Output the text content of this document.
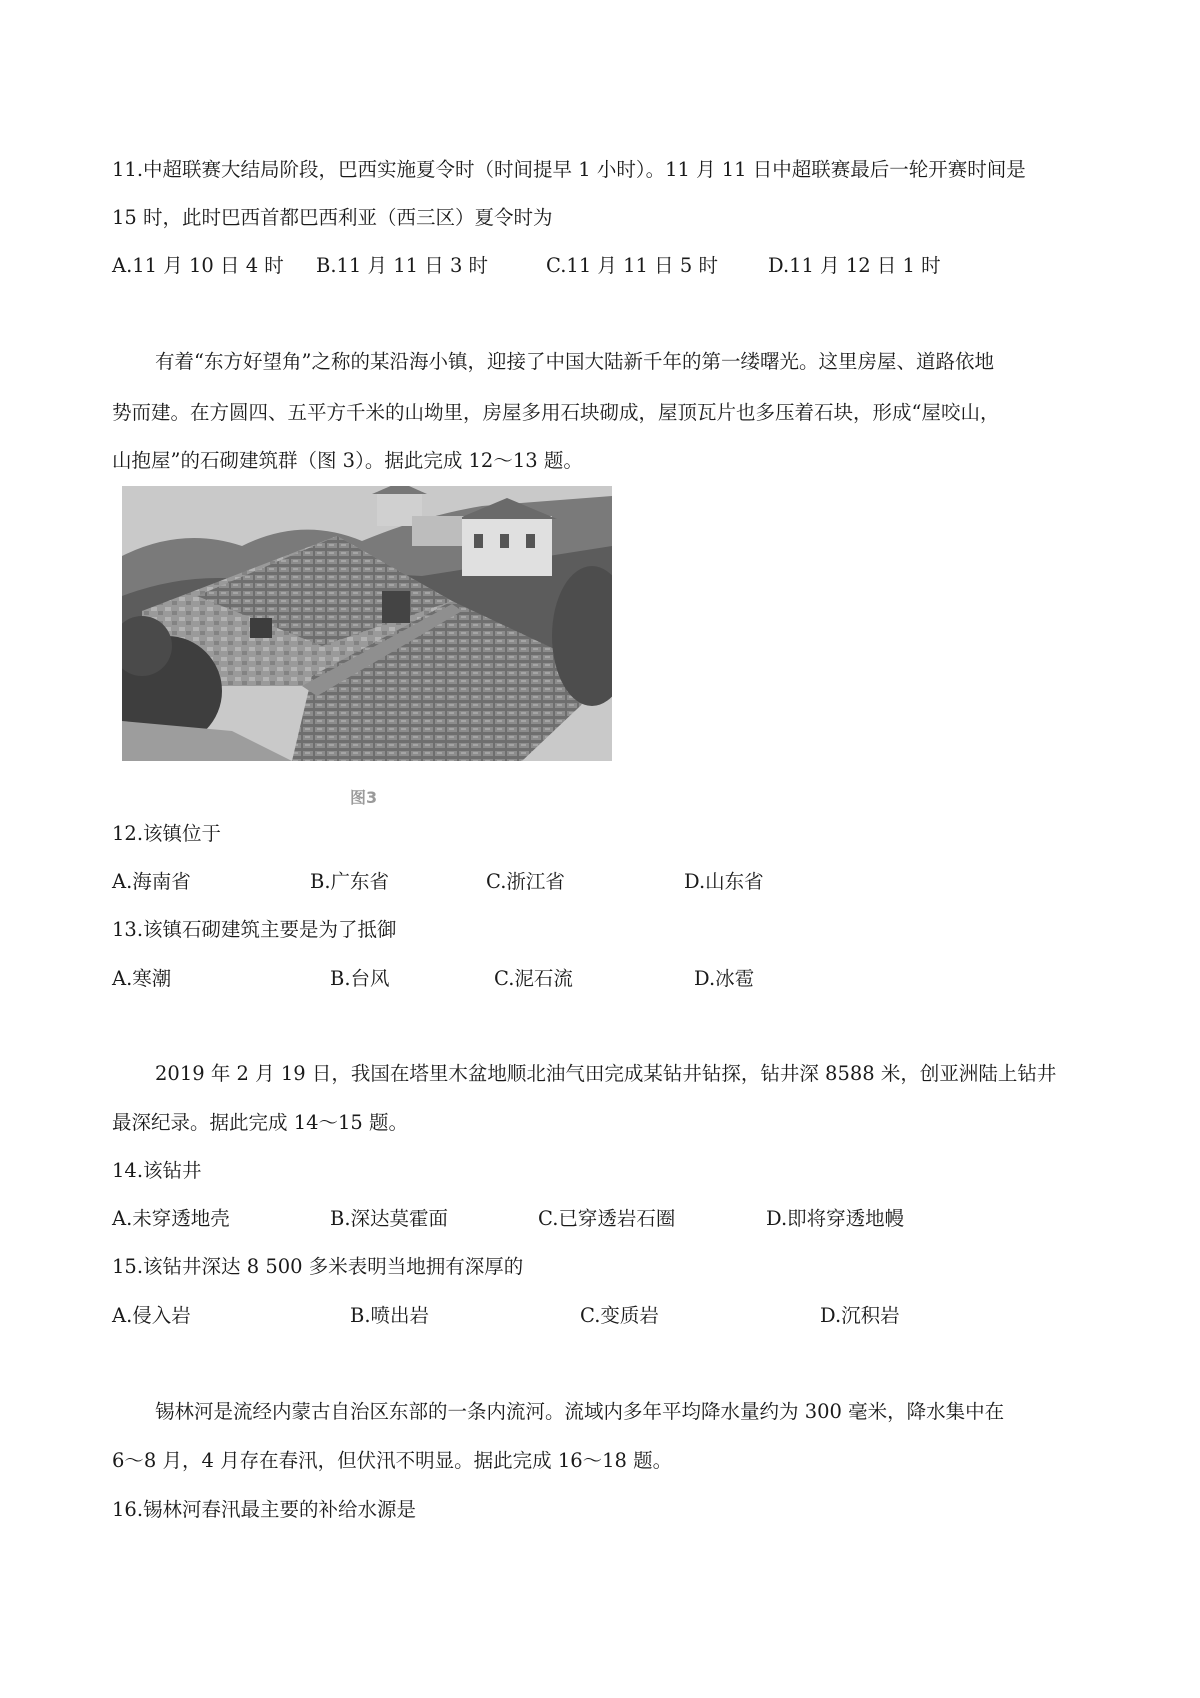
11.中超联赛大结局阶段，巴西实施夏令时（时间提早 1 小时）。11 月 11 日中超联赛最后一轮开赛时间是
15 时，此时巴西首都巴西利亚（西三区）夏令时为
A.11 月 10 日 4 时 B.11 月 11 日 3 时	C.11 月 11 日 5 时	D.11 月 12 日 1 时
有着“东方好望角”之称的某沿海小镇，迎接了中国大陆新千年的第一缕曙光。这里房屋、道路依地
势而建。在方圆四、五平方千米的山坳里，房屋多用石块砌成，屋顶瓦片也多压着石块，形成“屋咬山，
山抱屋”的石砌建筑群（图 3）。据此完成 12～13 题。
图3
12.该镇位于
A.海南省	B.广东省	C.浙江省	D.山东省
13.该镇石砌建筑主要是为了抵御
A.寒潮	B.台风	C.泥石流	D.冰雹
2019 年 2 月 19 日，我国在塔里木盆地顺北油气田完成某钻井钻探，钻井深 8588 米，创亚洲陆上钻井
最深纪录。据此完成 14～15 题。
14.该钻井
A.未穿透地壳	B.深达莫霍面	C.已穿透岩石圈	D.即将穿透地幔
15.该钻井深达 8 500 多米表明当地拥有深厚的
A.侵入岩	B.喷出岩	C.变质岩	D.沉积岩
锡林河是流经内蒙古自治区东部的一条内流河。流域内多年平均降水量约为 300 毫米，降水集中在
6～8 月，4 月存在春汛，但伏汛不明显。据此完成 16～18 题。
16.锡林河春汛最主要的补给水源是
